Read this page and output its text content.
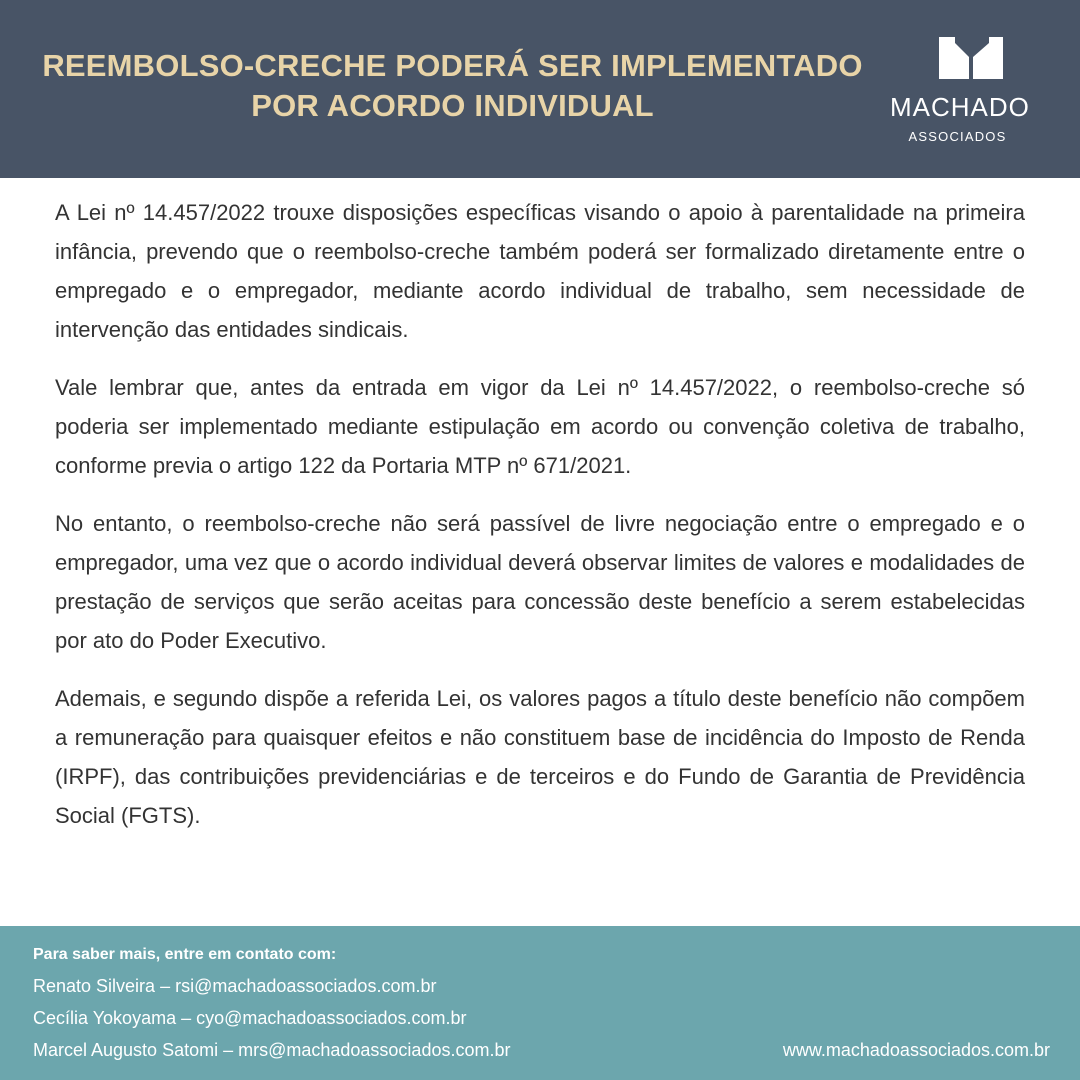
REEMBOLSO-CRECHE PODERÁ SER IMPLEMENTADO
POR ACORDO INDIVIDUAL	MACHADO
ASSOCIADOS

A Lei nº 14.457/2022 trouxe disposições específicas visando o apoio à parentalidade na primeira infância, prevendo que o reembolso-creche também poderá ser formalizado diretamente entre o empregado e o empregador, mediante acordo individual de trabalho, sem necessidade de intervenção das entidades sindicais.

Vale lembrar que, antes da entrada em vigor da Lei nº 14.457/2022, o reembolso-creche só poderia ser implementado mediante estipulação em acordo ou convenção coletiva de trabalho, conforme previa o artigo 122 da Portaria MTP nº 671/2021.

No entanto, o reembolso-creche não será passível de livre negociação entre o empregado e o empregador, uma vez que o acordo individual deverá observar limites de valores e modalidades de prestação de serviços que serão aceitas para concessão deste benefício a serem estabelecidas por ato do Poder Executivo.

Ademais, e segundo dispõe a referida Lei, os valores pagos a título deste benefício não compõem a remuneração para quaisquer efeitos e não constituem base de incidência do Imposto de Renda (IRPF), das contribuições previdenciárias e de terceiros e do Fundo de Garantia de Previdência Social (FGTS).

Para saber mais, entre em contato com:
Renato Silveira – rsi@machadoassociados.com.br
Cecília Yokoyama – cyo@machadoassociados.com.br
Marcel Augusto Satomi – mrs@machadoassociados.com.br	www.machadoassociados.com.br
